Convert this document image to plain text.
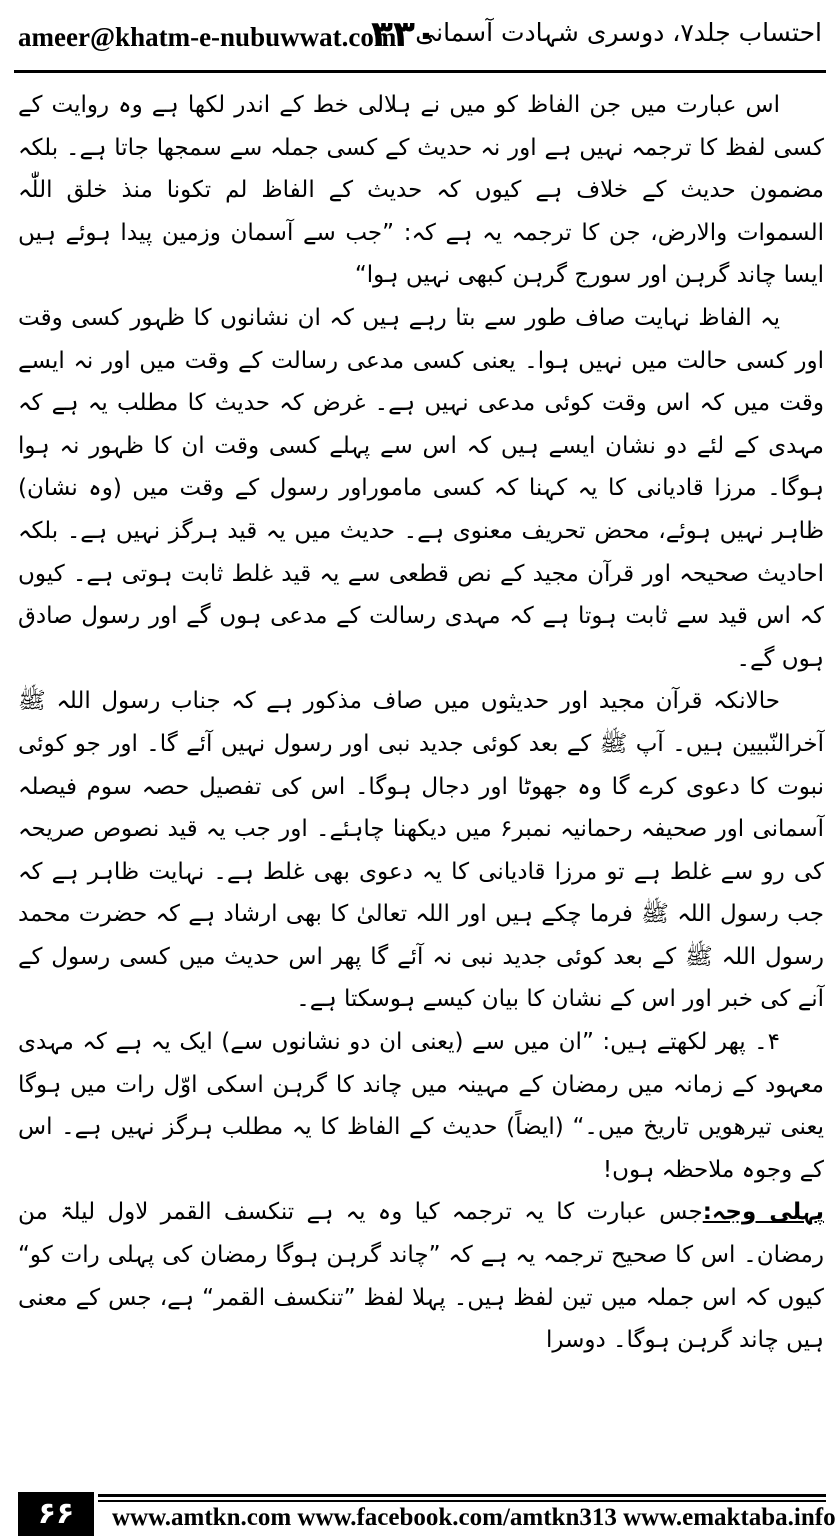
ameer@khatm-e-nubuwwat.com
۳۳۰
احتساب جلد۷، دوسری شہادت آسمانی

اس عبارت میں جن الفاظ کو میں نے ہلالی خط کے اندر لکھا ہے وہ روایت کے کسی لفظ کا ترجمہ نہیں ہے اور نہ حدیث کے کسی جملہ سے سمجھا جاتا ہے۔ بلکہ مضمون حدیث کے خلاف ہے کیوں کہ حدیث کے الفاظ لم تکونا منذ خلق اللّٰہ السموات والارض، جن کا ترجمہ یہ ہے کہ: ”جب سے آسمان وزمین پیدا ہوئے ہیں ایسا چاند گرہن اور سورج گرہن کبھی نہیں ہوا“

یہ الفاظ نہایت صاف طور سے بتا رہے ہیں کہ ان نشانوں کا ظہور کسی وقت اور کسی حالت میں نہیں ہوا۔ یعنی کسی مدعی رسالت کے وقت میں اور نہ ایسے وقت میں کہ اس وقت کوئی مدعی نہیں ہے۔ غرض کہ حدیث کا مطلب یہ ہے کہ مہدی کے لئے دو نشان ایسے ہیں کہ اس سے پہلے کسی وقت ان کا ظہور نہ ہوا ہوگا۔ مرزا قادیانی کا یہ کہنا کہ کسی ماموراور رسول کے وقت میں (وہ نشان) ظاہر نہیں ہوئے، محض تحریف معنوی ہے۔ حدیث میں یہ قید ہرگز نہیں ہے۔ بلکہ احادیث صحیحہ اور قرآن مجید کے نص قطعی سے یہ قید غلط ثابت ہوتی ہے۔ کیوں کہ اس قید سے ثابت ہوتا ہے کہ مہدی رسالت کے مدعی ہوں گے اور رسول صادق ہوں گے۔

حالانکہ قرآن مجید اور حدیثوں میں صاف مذکور ہے کہ جناب رسول اللہ ﷺ آخرالنّبیین ہیں۔ آپ ﷺ کے بعد کوئی جدید نبی اور رسول نہیں آئے گا۔ اور جو کوئی نبوت کا دعوی کرے گا وہ جھوٹا اور دجال ہوگا۔ اس کی تفصیل حصہ سوم فیصلہ آسمانی اور صحیفہ رحمانیہ نمبر۶ میں دیکھنا چاہئے۔ اور جب یہ قید نصوص صریحہ کی رو سے غلط ہے تو مرزا قادیانی کا یہ دعوی بھی غلط ہے۔ نہایت ظاہر ہے کہ جب رسول اللہ ﷺ فرما چکے ہیں اور اللہ تعالیٰ کا بھی ارشاد ہے کہ حضرت محمد رسول اللہ ﷺ کے بعد کوئی جدید نبی نہ آئے گا پھر اس حدیث میں کسی رسول کے آنے کی خبر اور اس کے نشان کا بیان کیسے ہوسکتا ہے۔

۴۔ پھر لکھتے ہیں: ”ان میں سے (یعنی ان دو نشانوں سے) ایک یہ ہے کہ مہدی معہود کے زمانہ میں رمضان کے مہینہ میں چاند کا گرہن اسکی اوّل رات میں ہوگا یعنی تیرھویں تاریخ میں۔“ (ایضاً) حدیث کے الفاظ کا یہ مطلب ہرگز نہیں ہے۔ اس کے وجوہ ملاحظہ ہوں!

پہلی وجہ:جس عبارت کا یہ ترجمہ کیا وہ یہ ہے تنکسف القمر لاول لیلۃ من رمضان۔ اس کا صحیح ترجمہ یہ ہے کہ ”چاند گرہن ہوگا رمضان کی پہلی رات کو“ کیوں کہ اس جملہ میں تین لفظ ہیں۔ پہلا لفظ ”تنکسف القمر“ ہے، جس کے معنی ہیں چاند گرہن ہوگا۔ دوسرا

۶۶	www.amtkn.com www.facebook.com/amtkn313 www.emaktaba.info
